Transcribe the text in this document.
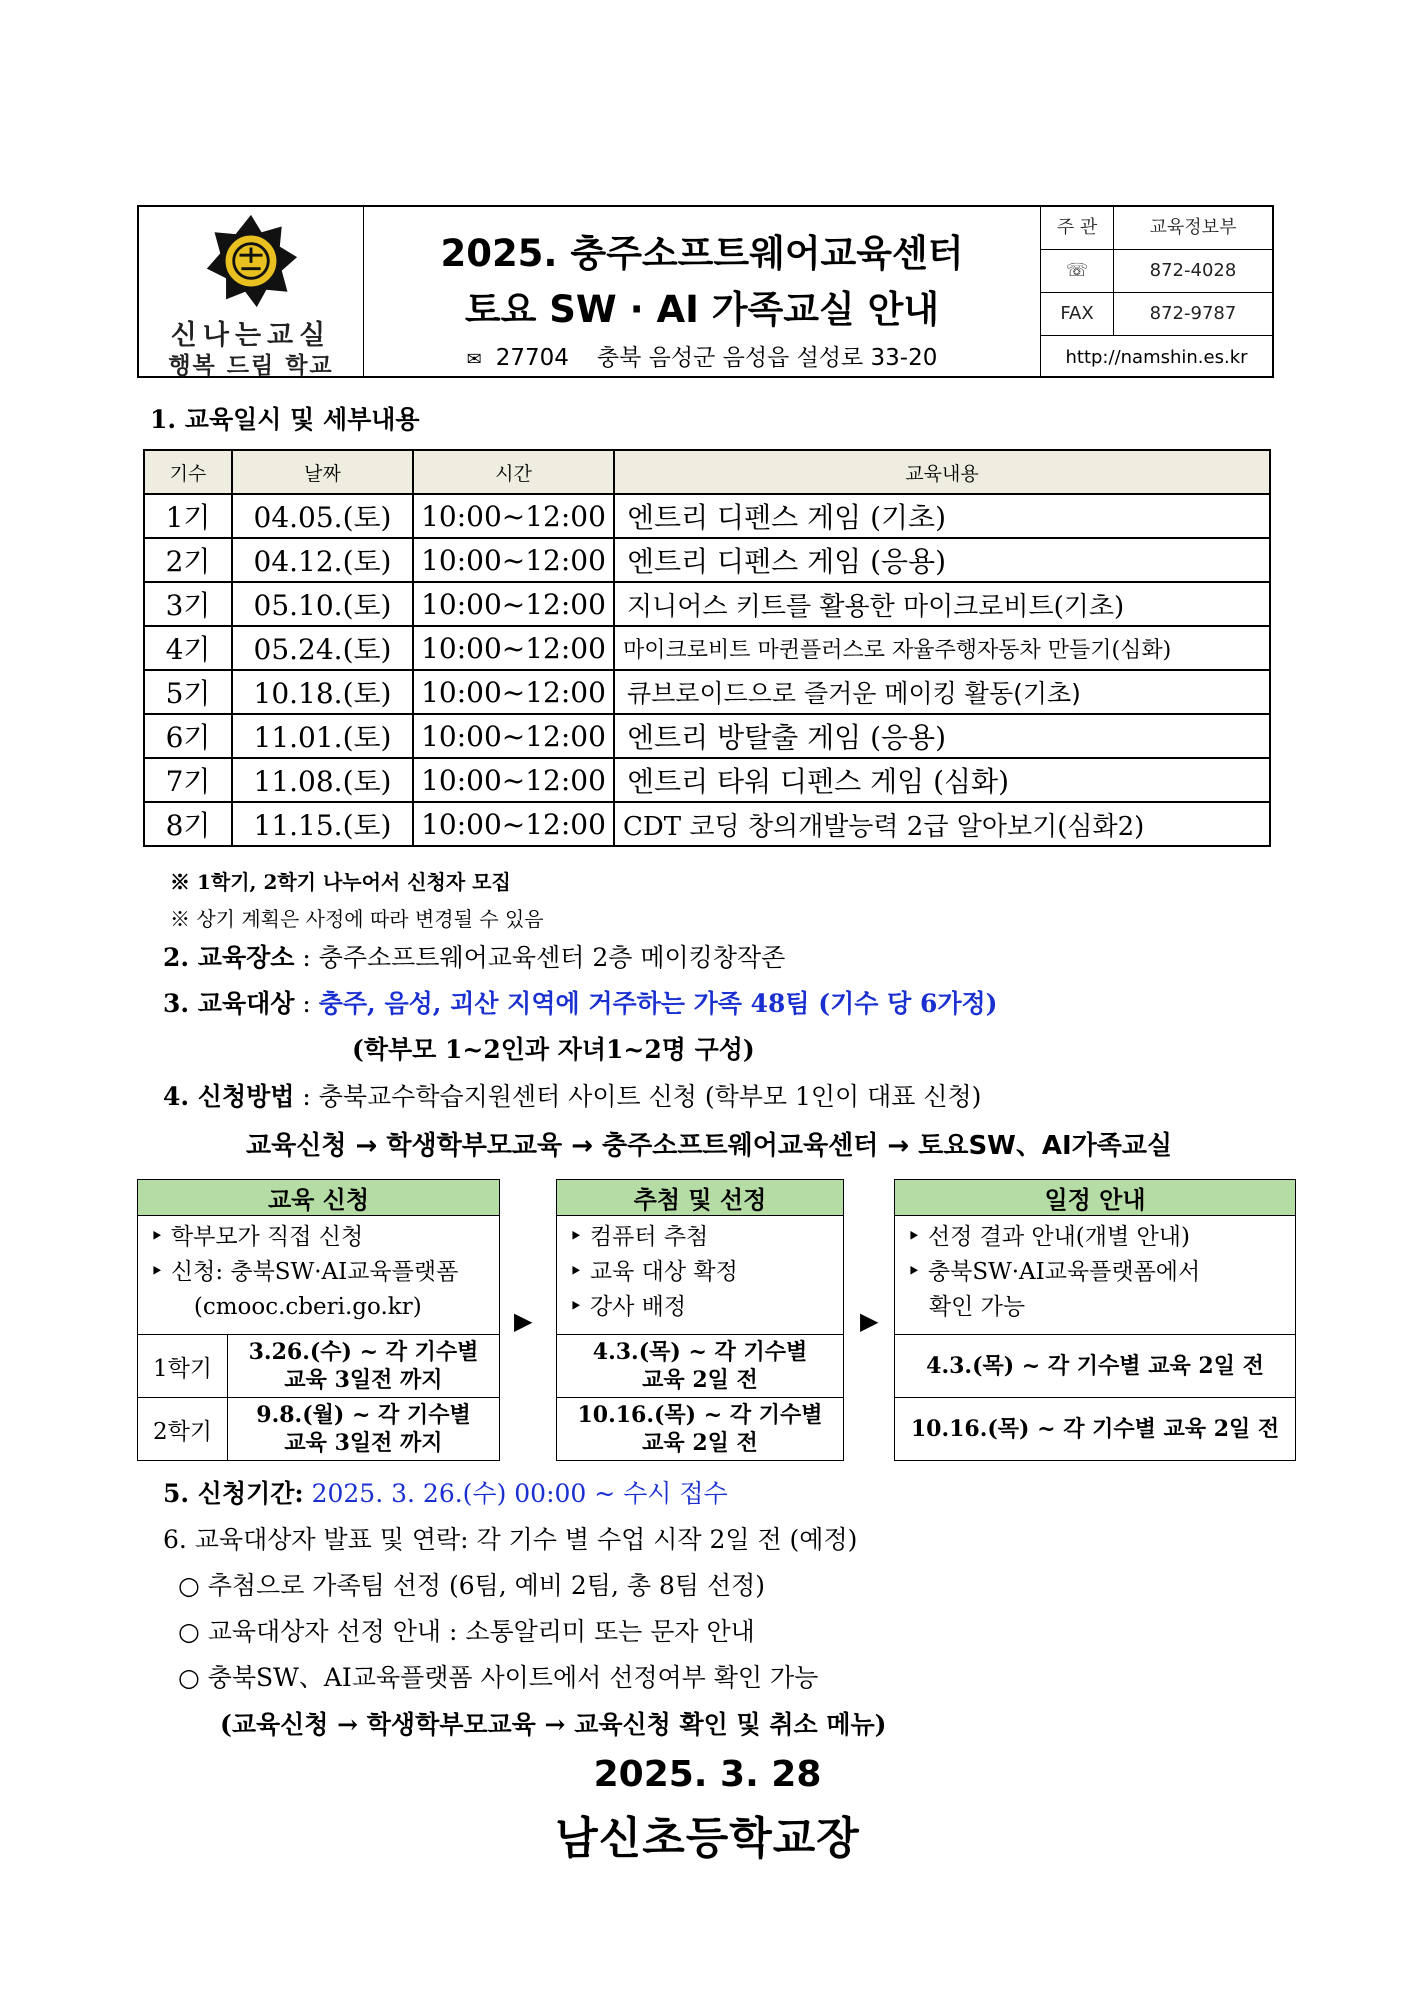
신나는교실
행복 드림 학교
2025. 충주소프트웨어교육센터
토요 SW · AI 가족교실 안내
✉ 27704 충북 음성군 음성읍 설성로 33-20
주 관	교육정보부
☏	872-4028
FAX	872-9787
http://namshin.es.kr
1. 교육일시 및 세부내용
기수	날짜	시간	교육내용
1기	04.05.(토)	10:00~12:00	엔트리 디펜스 게임 (기초)
2기	04.12.(토)	10:00~12:00	엔트리 디펜스 게임 (응용)
3기	05.10.(토)	10:00~12:00	지니어스 키트를 활용한 마이크로비트(기초)
4기	05.24.(토)	10:00~12:00	마이크로비트 마퀸플러스로 자율주행자동차 만들기(심화)
5기	10.18.(토)	10:00~12:00	큐브로이드으로 즐거운 메이킹 활동(기초)
6기	11.01.(토)	10:00~12:00	엔트리 방탈출 게임 (응용)
7기	11.08.(토)	10:00~12:00	엔트리 타워 디펜스 게임 (심화)
8기	11.15.(토)	10:00~12:00	CDT 코딩 창의개발능력 2급 알아보기(심화2)
※ 1학기, 2학기 나누어서 신청자 모집
※ 상기 계획은 사정에 따라 변경될 수 있음
2. 교육장소 : 충주소프트웨어교육센터 2층 메이킹창작존
3. 교육대상 : 충주, 음성, 괴산 지역에 거주하는 가족 48팀 (기수 당 6가정)
(학부모 1~2인과 자녀1~2명 구성)
4. 신청방법 : 충북교수학습지원센터 사이트 신청 (학부모 1인이 대표 신청)
교육신청 → 학생학부모교육 → 충주소프트웨어교육센터 → 토요SW、AI가족교실
교육 신청	

‣ 학부모가 직접 신청
‣ 신청: 충북SW·AI교육플랫폼
(cmooc.cberi.go.kr)	

1학기	3.26.(수) ~ 각 기수별
교육 3일전 까지

2학기	9.8.(월) ~ 각 기수별
교육 3일전 까지
▶
추첨 및 선정

‣ 컴퓨터 추첨
‣ 교육 대상 확정
‣ 강사 배정

4.3.(목) ~ 각 기수별
교육 2일 전

10.16.(목) ~ 각 기수별
교육 2일 전
▶
일정 안내

‣ 선정 결과 안내(개별 안내)
‣ 충북SW·AI교육플랫폼에서
확인 가능

4.3.(목) ~ 각 기수별 교육 2일 전
10.16.(목) ~ 각 기수별 교육 2일 전
5. 신청기간: 2025. 3. 26.(수) 00:00 ~ 수시 접수
6. 교육대상자 발표 및 연락: 각 기수 별 수업 시작 2일 전 (예정)
○ 추첨으로 가족팀 선정 (6팀, 예비 2팀, 총 8팀 선정)
○ 교육대상자 선정 안내 : 소통알리미 또는 문자 안내
○ 충북SW、AI교육플랫폼 사이트에서 선정여부 확인 가능
(교육신청 → 학생학부모교육 → 교육신청 확인 및 취소 메뉴)
2025. 3. 28
남신초등학교장
